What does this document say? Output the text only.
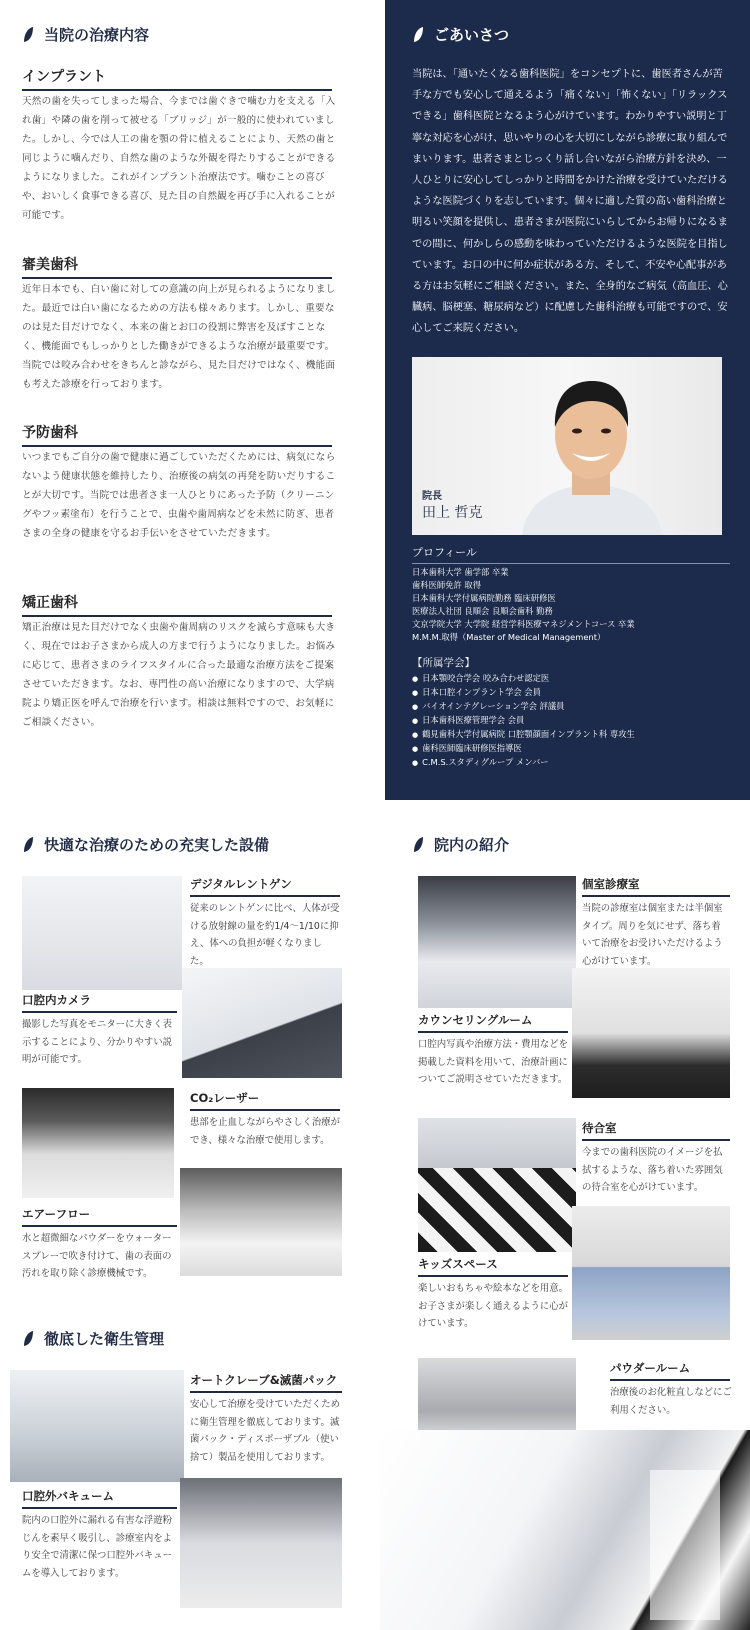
当院の治療内容
インプラント
天然の歯を失ってしまった場合、今までは歯ぐきで噛む力を支える「入れ歯」や隣の歯を削って被せる「ブリッジ」が一般的に使われていました。しかし、今では人工の歯を顎の骨に植えることにより、天然の歯と同じように噛んだり、自然な歯のような外観を得たりすることができるようになりました。これがインプラント治療法です。噛むことの喜びや、おいしく食事できる喜び、見た目の自然観を再び手に入れることが可能です。
審美歯科
近年日本でも、白い歯に対しての意識の向上が見られるようになりました。最近では白い歯になるための方法も様々あります。しかし、重要なのは見た目だけでなく、本来の歯とお口の役割に弊害を及ぼすことなく、機能面でもしっかりとした働きができるような治療が最重要です。当院では咬み合わせをきちんと診ながら、見た目だけではなく、機能面も考えた診療を行っております。
予防歯科
いつまでもご自分の歯で健康に過ごしていただくためには、病気にならないよう健康状態を維持したり、治療後の病気の再発を防いだりすることが大切です。当院では患者さま一人ひとりにあった予防（クリーニングやフッ素塗布）を行うことで、虫歯や歯周病などを未然に防ぎ、患者さまの全身の健康を守るお手伝いをさせていただきます。
矯正歯科
矯正治療は見た目だけでなく虫歯や歯周病のリスクを減らす意味も大きく、現在ではお子さまから成人の方まで行うようになりました。お悩みに応じて、患者さまのライフスタイルに合った最適な治療方法をご提案させていただきます。なお、専門性の高い治療になりますので、大学病院より矯正医を呼んで治療を行います。相談は無料ですので、お気軽にご相談ください。
ごあいさつ
当院は、「通いたくなる歯科医院」をコンセプトに、歯医者さんが苦手な方でも安心して通えるよう「痛くない」「怖くない」「リラックスできる」歯科医院となるよう心がけています。わかりやすい説明と丁寧な対応を心がけ、思いやりの心を大切にしながら診療に取り組んでまいります。患者さまとじっくり話し合いながら治療方針を決め、一人ひとりに安心してしっかりと時間をかけた治療を受けていただけるような医院づくりを志しています。個々に適した質の高い歯科治療と明るい笑顔を提供し、患者さまが医院にいらしてからお帰りになるまでの間に、何かしらの感動を味わっていただけるような医院を目指しています。お口の中に何か症状がある方、そして、不安や心配事がある方はお気軽にご相談ください。また、全身的なご病気（高血圧、心臓病、脳梗塞、糖尿病など）に配慮した歯科治療も可能ですので、安心してご来院ください。
院長
田上 哲克
プロフィール
日本歯科大学 歯学部 卒業
歯科医師免許 取得
日本歯科大学付属病院勤務 臨床研修医
医療法人社団 良順会 良順会歯科 勤務
文京学院大学 大学院 経営学科医療マネジメントコース 卒業
M.M.M.取得（Master of Medical Management）
【所属学会】
● 日本顎咬合学会 咬み合わせ認定医
● 日本口腔インプラント学会 会員
● バイオインテグレーション学会 評議員
● 日本歯科医療管理学会 会員
● 鶴見歯科大学付属病院 口腔顎顔面インプラント科 専攻生
● 歯科医師臨床研修医指導医
● C.M.S.スタディグループ メンバー
快適な治療のための充実した設備
デジタルレントゲン
従来のレントゲンに比べ、人体が受ける放射線の量を約1/4〜1/10に抑え、体への負担が軽くなりました。
口腔内カメラ
撮影した写真をモニターに大きく表示することにより、分かりやすい説明が可能です。
CO₂レーザー
患部を止血しながらやさしく治療ができ、様々な治療で使用します。
エアーフロー
水と超微細なパウダーをウォータースプレーで吹き付けて、歯の表面の汚れを取り除く診療機械です。
徹底した衛生管理
オートクレーブ&滅菌パック
安心して治療を受けていただくために衛生管理を徹底しております。滅菌パック・ディスポーザブル（使い捨て）製品を使用しております。
口腔外バキューム
院内の口腔外に漏れる有害な浮遊粉じんを素早く吸引し、診療室内をより安全で清潔に保つ口腔外バキュームを導入しております。
院内の紹介
個室診療室
当院の診療室は個室または半個室タイプ。周りを気にせず、落ち着いて治療をお受けいただけるよう心がけています。
カウンセリングルーム
口腔内写真や治療方法・費用などを掲載した資料を用いて、治療計画についてご説明させていただきます。
待合室
今までの歯科医院のイメージを払拭するような、落ち着いた雰囲気の待合室を心がけています。
キッズスペース
楽しいおもちゃや絵本などを用意。お子さまが楽しく通えるように心がけています。
パウダールーム
治療後のお化粧直しなどにご利用ください。
